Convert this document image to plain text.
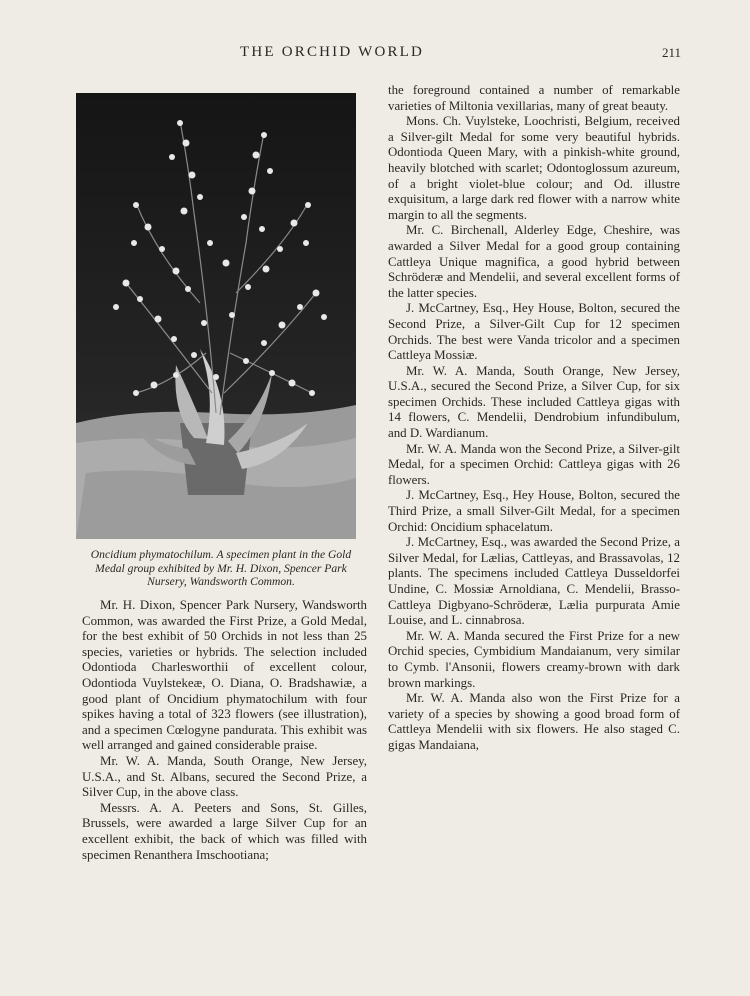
THE ORCHID WORLD	211
Oncidium phymatochilum. A specimen plant in the Gold Medal group exhibited by Mr. H. Dixon, Spencer Park Nursery, Wandsworth Common.

Mr. H. Dixon, Spencer Park Nursery, Wandsworth Common, was awarded the First Prize, a Gold Medal, for the best exhibit of 50 Orchids in not less than 25 species, varieties or hybrids. The selection included Odontioda Charlesworthii of excellent colour, Odontioda Vuylstekeæ, O. Diana, O. Bradshawiæ, a good plant of Oncidium phymatochilum with four spikes having a total of 323 flowers (see illustration), and a specimen Cœlogyne pandurata. This exhibit was well arranged and gained considerable praise.

Mr. W. A. Manda, South Orange, New Jersey, U.S.A., and St. Albans, secured the Second Prize, a Silver Cup, in the above class.

Messrs. A. A. Peeters and Sons, St. Gilles, Brussels, were awarded a large Silver Cup for an excellent exhibit, the back of which was filled with specimen Renanthera Imschootiana;

the foreground contained a number of remarkable varieties of Miltonia vexillarias, many of great beauty.

Mons. Ch. Vuylsteke, Loochristi, Belgium, received a Silver-gilt Medal for some very beautiful hybrids. Odontioda Queen Mary, with a pinkish-white ground, heavily blotched with scarlet; Odontoglossum azureum, of a bright violet-blue colour; and Od. illustre exquisitum, a large dark red flower with a narrow white margin to all the segments.

Mr. C. Birchenall, Alderley Edge, Cheshire, was awarded a Silver Medal for a good group containing Cattleya Unique magnifica, a good hybrid between Schröderæ and Mendelii, and several excellent forms of the latter species.

J. McCartney, Esq., Hey House, Bolton, secured the Second Prize, a Silver-Gilt Cup for 12 specimen Orchids. The best were Vanda tricolor and a specimen Cattleya Mossiæ.

Mr. W. A. Manda, South Orange, New Jersey, U.S.A., secured the Second Prize, a Silver Cup, for six specimen Orchids. These included Cattleya gigas with 14 flowers, C. Mendelii, Dendrobium infundibulum, and D. Wardianum.

Mr. W. A. Manda won the Second Prize, a Silver-gilt Medal, for a specimen Orchid: Cattleya gigas with 26 flowers.

J. McCartney, Esq., Hey House, Bolton, secured the Third Prize, a small Silver-Gilt Medal, for a specimen Orchid: Oncidium sphacelatum.

J. McCartney, Esq., was awarded the Second Prize, a Silver Medal, for Lælias, Cattleyas, and Brassavolas, 12 plants. The specimens included Cattleya Dusseldorfei Undine, C. Mossiæ Arnoldiana, C. Mendelii, Brasso-Cattleya Digbyano-Schröderæ, Lælia purpurata Amie Louise, and L. cinnabrosa.

Mr. W. A. Manda secured the First Prize for a new Orchid species, Cymbidium Mandaianum, very similar to Cymb. l'Ansonii, flowers creamy-brown with dark brown markings.

Mr. W. A. Manda also won the First Prize for a variety of a species by showing a good broad form of Cattleya Mendelii with six flowers. He also staged C. gigas Mandaiana,
